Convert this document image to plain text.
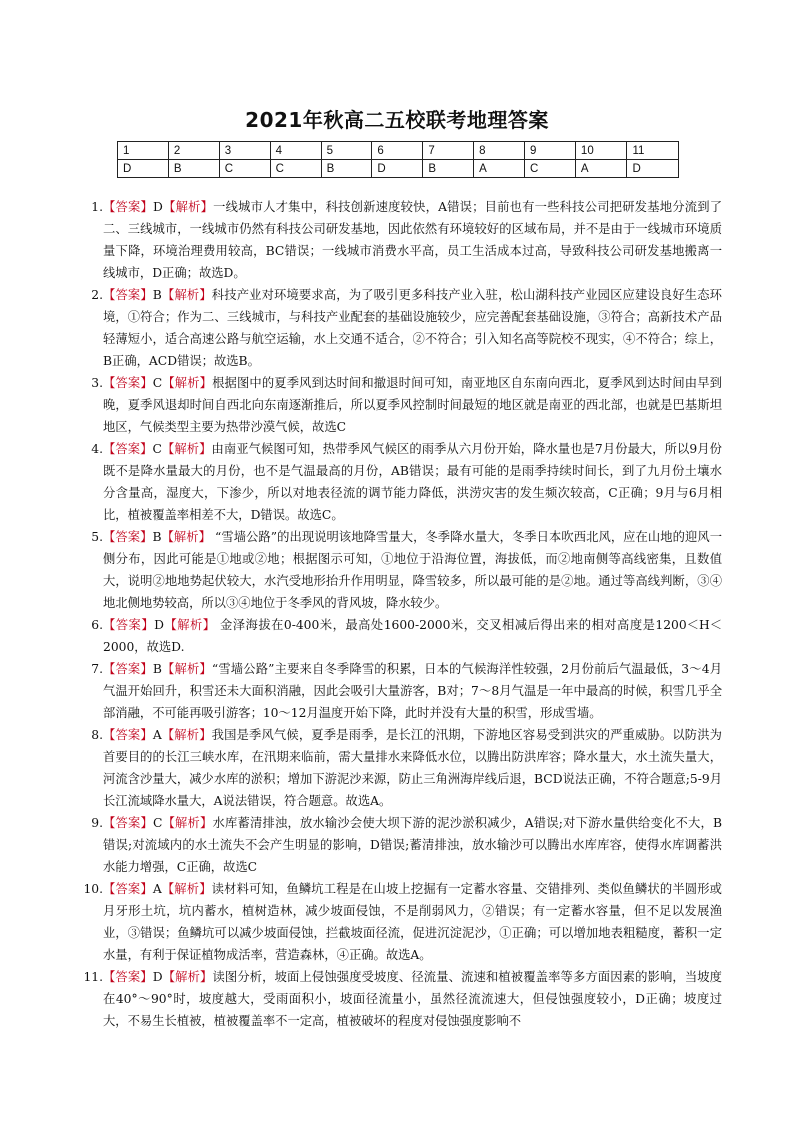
2021年秋高二五校联考地理答案
1	2	3	4	5	6	7	8	9	10	11
D	B	C	C	B	D	B	A	C	A	D
1. 【答案】D【解析】一线城市人才集中，科技创新速度较快，A错误；目前也有一些科技公司把研发基地分流到了二、三线城市，一线城市仍然有科技公司研发基地，因此依然有环境较好的区域布局，并不是由于一线城市环境质量下降，环境治理费用较高，BC错误；一线城市消费水平高，员工生活成本过高，导致科技公司研发基地搬离一线城市，D正确；故选D。
2. 【答案】B【解析】科技产业对环境要求高，为了吸引更多科技产业入驻，松山湖科技产业园区应建设良好生态环境，①符合；作为二、三线城市，与科技产业配套的基础设施较少，应完善配套基础设施，③符合；高新技术产品轻薄短小，适合高速公路与航空运输，水上交通不适合，②不符合；引入知名高等院校不现实，④不符合；综上，B正确，ACD错误；故选B。
3. 【答案】C【解析】根据图中的夏季风到达时间和撤退时间可知，南亚地区自东南向西北，夏季风到达时间由早到晚，夏季风退却时间自西北向东南逐渐推后，所以夏季风控制时间最短的地区就是南亚的西北部，也就是巴基斯坦地区，气候类型主要为热带沙漠气候，故选C
4. 【答案】C【解析】由南亚气候图可知，热带季风气候区的雨季从六月份开始，降水量也是7月份最大，所以9月份既不是降水量最大的月份，也不是气温最高的月份，AB错误；最有可能的是雨季持续时间长，到了九月份土壤水分含量高，湿度大，下渗少，所以对地表径流的调节能力降低，洪涝灾害的发生频次较高，C正确；9月与6月相比，植被覆盖率相差不大，D错误。故选C。
5. 【答案】B【解析】 “雪墙公路”的出现说明该地降雪量大，冬季降水量大，冬季日本吹西北风，应在山地的迎风一侧分布，因此可能是①地或②地；根据图示可知，①地位于沿海位置，海拔低，而②地南侧等高线密集，且数值大，说明②地地势起伏较大，水汽受地形抬升作用明显，降雪较多，所以最可能的是②地。通过等高线判断，③④地北侧地势较高，所以③④地位于冬季风的背风坡，降水较少。
6. 【答案】D【解析】 金泽海拔在0-400米，最高处1600-2000米，交叉相减后得出来的相对高度是1200＜H＜2000，故选D.
7. 【答案】B【解析】“雪墙公路”主要来自冬季降雪的积累，日本的气候海洋性较强，2月份前后气温最低，3～4月气温开始回升，积雪还未大面积消融，因此会吸引大量游客，B对；7～8月气温是一年中最高的时候，积雪几乎全部消融，不可能再吸引游客；10～12月温度开始下降，此时并没有大量的积雪，形成雪墙。
8. 【答案】A【解析】我国是季风气候，夏季是雨季，是长江的汛期，下游地区容易受到洪灾的严重威胁。以防洪为首要目的的长江三峡水库，在汛期来临前，需大量排水来降低水位，以腾出防洪库容；降水量大，水土流失量大，河流含沙量大，减少水库的淤积；增加下游泥沙来源，防止三角洲海岸线后退，BCD说法正确，不符合题意;5-9月长江流域降水量大，A说法错误，符合题意。故选A。
9. 【答案】C【解析】水库蓄清排浊，放水输沙会使大坝下游的泥沙淤积减少，A错误;对下游水量供给变化不大，B错误;对流域内的水土流失不会产生明显的影响，D错误;蓄清排浊，放水输沙可以腾出水库库容，使得水库调蓄洪水能力增强，C正确，故选C
10. 【答案】A【解析】读材料可知，鱼鳞坑工程是在山坡上挖掘有一定蓄水容量、交错排列、类似鱼鳞状的半圆形或月牙形土坑，坑内蓄水，植树造林，减少坡面侵蚀，不是削弱风力，②错误；有一定蓄水容量，但不足以发展渔业，③错误；鱼鳞坑可以减少坡面侵蚀，拦截坡面径流，促进沉淀泥沙，①正确；可以增加地表粗糙度，蓄积一定水量，有利于保证植物成活率，营造森林，④正确。故选A。
11. 【答案】D【解析】读图分析，坡面上侵蚀强度受坡度、径流量、流速和植被覆盖率等多方面因素的影响，当坡度在40°～90°时，坡度越大，受雨面积小，坡面径流量小，虽然径流流速大，但侵蚀强度较小，D正确；坡度过大，不易生长植被，植被覆盖率不一定高，植被破坏的程度对侵蚀强度影响不
